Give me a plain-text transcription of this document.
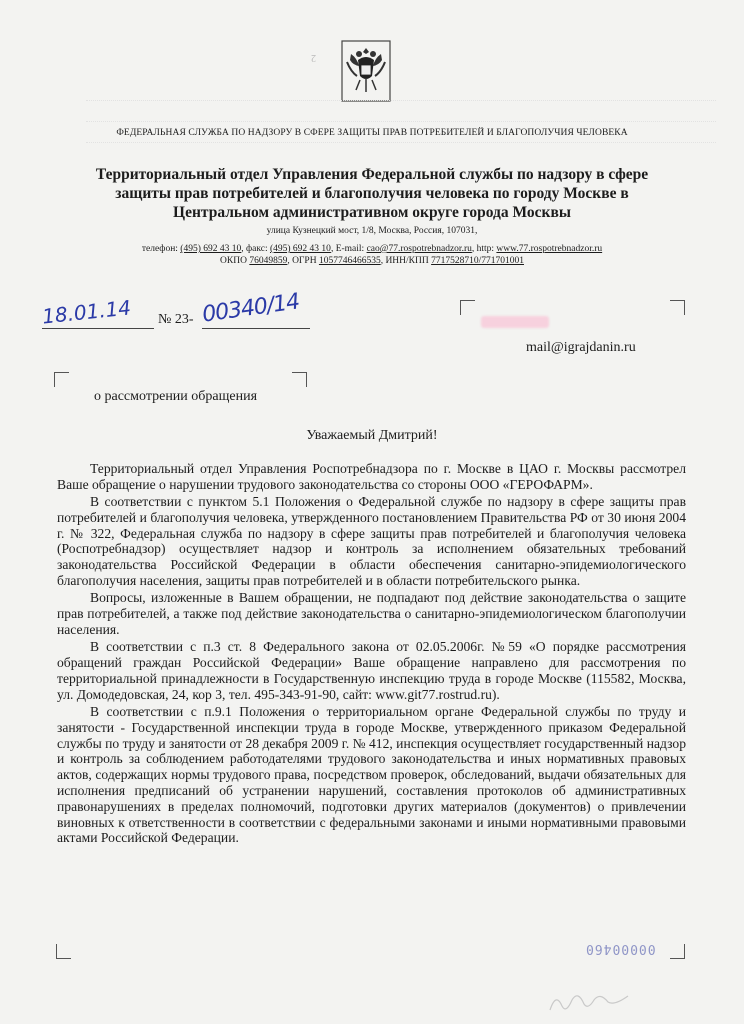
2
ФЕДЕРАЛЬНАЯ СЛУЖБА ПО НАДЗОРУ В СФЕРЕ ЗАЩИТЫ ПРАВ ПОТРЕБИТЕЛЕЙ И БЛАГОПОЛУЧИЯ ЧЕЛОВЕКА
Территориальный отдел Управления Федеральной службы по надзору в сфере защиты прав потребителей и благополучия человека по городу Москве в Центральном административном округе города Москвы
улица Кузнецкий мост, 1/8, Москва, Россия, 107031,
телефон: (495) 692 43 10, факс: (495) 692 43 10, E-mail: cao@77.rospotrebnadzor.ru, http: www.77.rospotrebnadzor.ru
ОКПО 76049859, ОГРН 1057746466535, ИНН/КПП 7717528710/771701001
18.01.14 № 23- 00340/14
mail@igrajdanin.ru
о рассмотрении обращения
Уважаемый Дмитрий!

Территориальный отдел Управления Роспотребнадзора по г. Москве в ЦАО г. Москвы рассмотрел Ваше обращение о нарушении трудового законодательства со стороны ООО «ГЕРОФАРМ».

В соответствии с пунктом 5.1 Положения о Федеральной службе по надзору в сфере защиты прав потребителей и благополучия человека, утвержденного постановлением Правительства РФ от 30 июня 2004 г. № 322, Федеральная служба по надзору в сфере защиты прав потребителей и благополучия человека (Роспотребнадзор) осуществляет надзор и контроль за исполнением обязательных требований законодательства Российской Федерации в области обеспечения санитарно-эпидемиологического благополучия населения, защиты прав потребителей и в области потребительского рынка.

Вопросы, изложенные в Вашем обращении, не подпадают под действие законодательства о защите прав потребителей, а также под действие законодательства о санитарно-эпидемиологическом благополучии населения.

В соответствии с п.3 ст. 8 Федерального закона от 02.05.2006г. №59 «О порядке рассмотрения обращений граждан Российской Федерации» Ваше обращение направлено для рассмотрения по территориальной принадлежности в Государственную инспекцию труда в городе Москве (115582, Москва, ул. Домодедовская, 24, кор 3, тел. 495-343-91-90, сайт: www.git77.rostrud.ru).

В соответствии с п.9.1 Положения о территориальном органе Федеральной службы по труду и занятости - Государственной инспекции труда в городе Москве, утвержденного приказом Федеральной службы по труду и занятости от 28 декабря 2009 г. № 412, инспекция осуществляет государственный надзор и контроль за соблюдением работодателями трудового законодательства и иных нормативных правовых актов, содержащих нормы трудового права, посредством проверок, обследований, выдачи обязательных для исполнения предписаний об устранении нарушений, составления протоколов об административных правонарушениях в пределах полномочий, подготовки других материалов (документов) о привлечении виновных к ответственности в соответствии с федеральными законами и иными нормативными правовыми актами Российской Федерации.

00000460
